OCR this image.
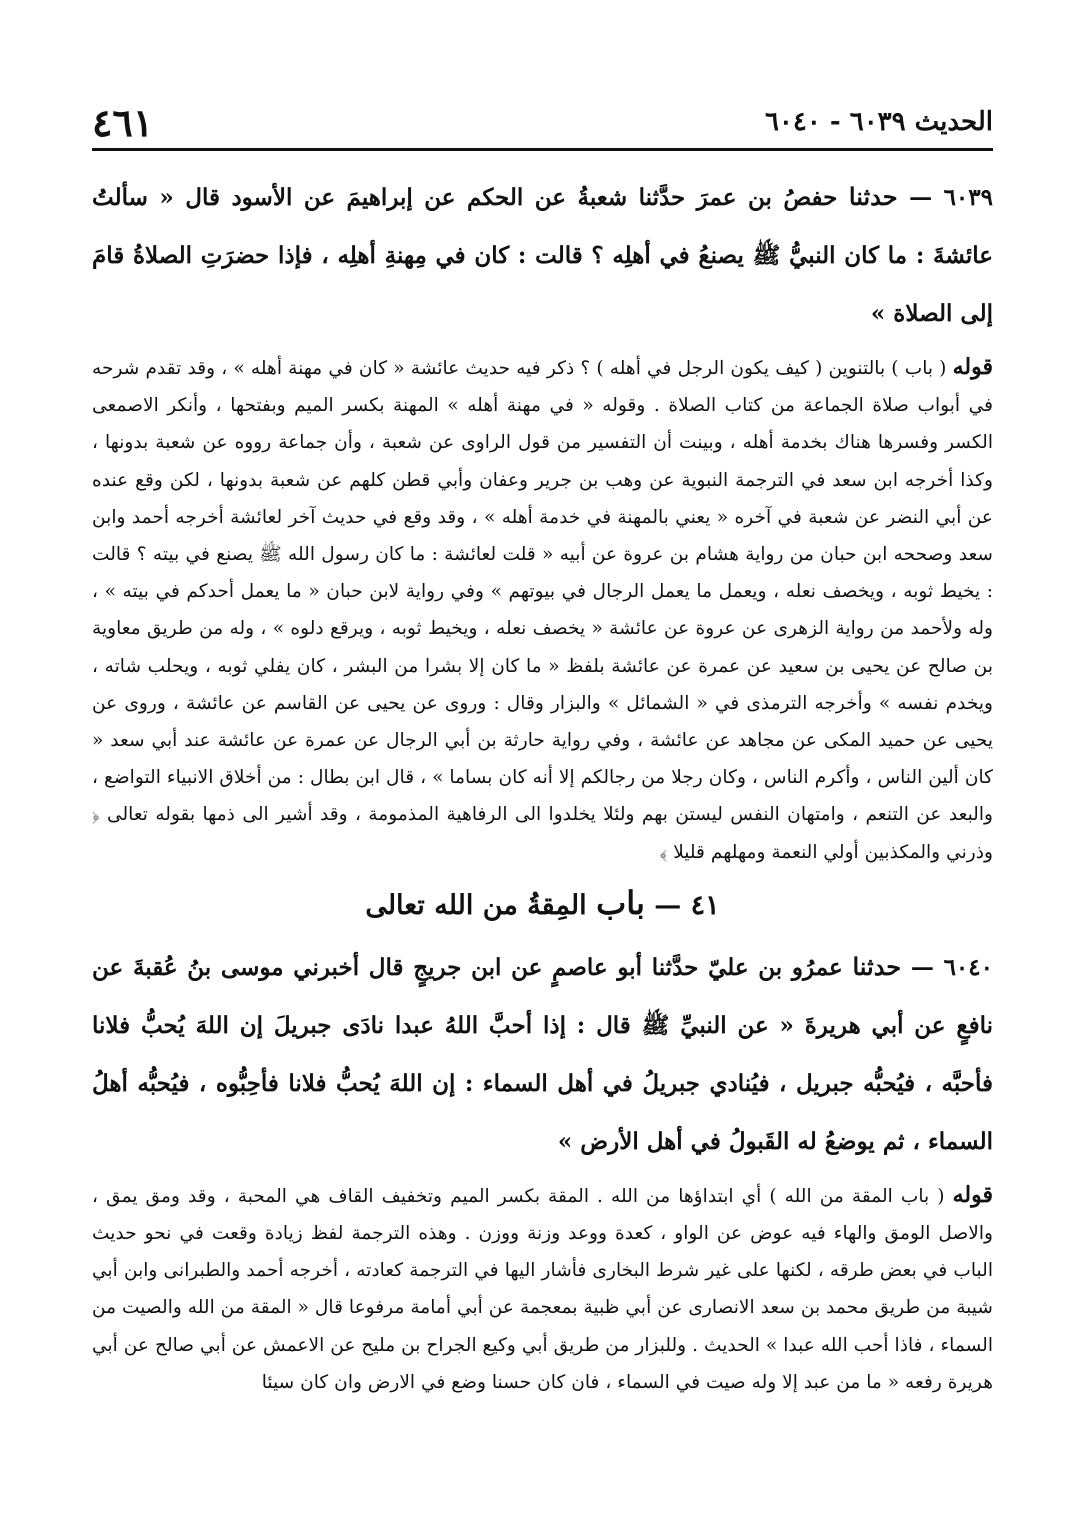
٤٦١	الحديث ٦٠٣٩ - ٦٠٤٠

٦٠٣٩ — حدثنا حفصُ بن عمرَ حدَّثنا شعبةُ عن الحكم عن إبراهيمَ عن الأسود قال « سألتُ عائشةَ : ما كان النبيُّ ﷺ يصنعُ في أهلِه ؟ قالت : كان في مِهنةِ أهلِه ، فإذا حضرَتِ الصلاةُ قامَ إلى الصلاة »

قوله ( باب ) بالتنوين ( كيف يكون الرجل في أهله ) ؟ ذكر فيه حديث عائشة « كان في مهنة أهله » ، وقد تقدم شرحه في أبواب صلاة الجماعة من كتاب الصلاة . وقوله « في مهنة أهله » المهنة بكسر الميم وبفتحها ، وأنكر الاصمعى الكسر وفسرها هناك بخدمة أهله ، وبينت أن التفسير من قول الراوى عن شعبة ، وأن جماعة رووه عن شعبة بدونها ، وكذا أخرجه ابن سعد في الترجمة النبوية عن وهب بن جرير وعفان وأبي قطن كلهم عن شعبة بدونها ، لكن وقع عنده عن أبي النضر عن شعبة في آخره « يعني بالمهنة في خدمة أهله » ، وقد وقع في حديث آخر لعائشة أخرجه أحمد وابن سعد وصححه ابن حبان من رواية هشام بن عروة عن أبيه « قلت لعائشة : ما كان رسول الله ﷺ يصنع في بيته ؟ قالت : يخيط ثوبه ، ويخصف نعله ، ويعمل ما يعمل الرجال في بيوتهم » وفي رواية لابن حبان « ما يعمل أحدكم في بيته » ، وله ولأحمد من رواية الزهرى عن عروة عن عائشة « يخصف نعله ، ويخيط ثوبه ، ويرقع دلوه » ، وله من طريق معاوية بن صالح عن يحيى بن سعيد عن عمرة عن عائشة بلفظ « ما كان إلا بشرا من البشر ، كان يفلي ثوبه ، ويحلب شاته ، ويخدم نفسه » وأخرجه الترمذى في « الشمائل » والبزار وقال : وروى عن يحيى عن القاسم عن عائشة ، وروى عن يحيى عن حميد المكى عن مجاهد عن عائشة ، وفي رواية حارثة بن أبي الرجال عن عمرة عن عائشة عند أبي سعد « كان ألين الناس ، وأكرم الناس ، وكان رجلا من رجالكم إلا أنه كان بساما » ، قال ابن بطال : من أخلاق الانبياء التواضع ، والبعد عن التنعم ، وامتهان النفس ليستن بهم ولئلا يخلدوا الى الرفاهية المذمومة ، وقد أشير الى ذمها بقوله تعالى ﴿ وذرني والمكذبين أولي النعمة ومهلهم قليلا ﴾

٤١ — باب المِقةُ من الله تعالى

٦٠٤٠ — حدثنا عمرُو بن عليّ حدَّثنا أبو عاصمٍ عن ابن جريجٍ قال أخبرني موسى بنُ عُقبةَ عن نافعٍ عن أبي هريرةَ « عن النبيِّ ﷺ قال : إذا أحبَّ اللهُ عبدا نادَى جبريلَ إن اللهَ يُحبُّ فلانا فأحبَّه ، فيُحبُّه جبريل ، فيُنادي جبريلُ في أهل السماء : إن اللهَ يُحبُّ فلانا فأحِبُّوه ، فيُحبُّه أهلُ السماء ، ثم يوضعُ له القَبولُ في أهل الأرض »

قوله ( باب المقة من الله ) أي ابتداؤها من الله . المقة بكسر الميم وتخفيف القاف هي المحبة ، وقد ومق يمق ، والاصل الومق والهاء فيه عوض عن الواو ، كعدة ووعد وزنة ووزن . وهذه الترجمة لفظ زيادة وقعت في نحو حديث الباب في بعض طرقه ، لكنها على غير شرط البخارى فأشار اليها في الترجمة كعادته ، أخرجه أحمد والطبرانى وابن أبي شيبة من طريق محمد بن سعد الانصارى عن أبي ظبية بمعجمة عن أبي أمامة مرفوعا قال « المقة من الله والصيت من السماء ، فاذا أحب الله عبدا » الحديث . وللبزار من طريق أبي وكيع الجراح بن مليح عن الاعمش عن أبي صالح عن أبي هريرة رفعه « ما من عبد إلا وله صيت في السماء ، فان كان حسنا وضع في الارض وان كان سيئا
